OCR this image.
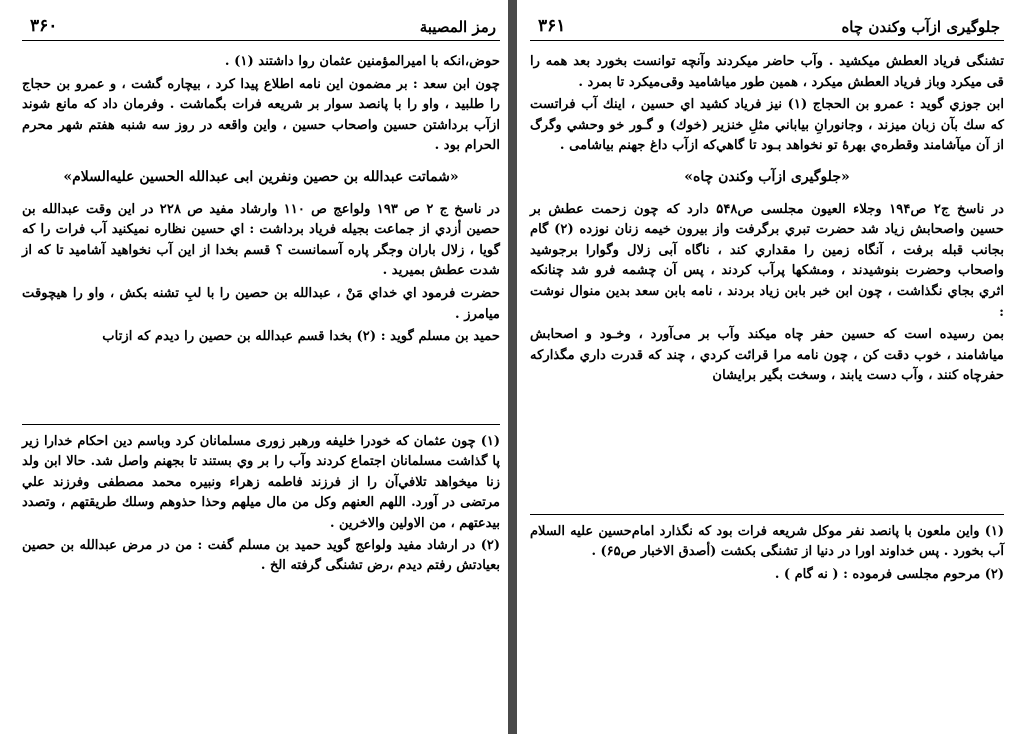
رمز المصيبة
۳۶۰

حوض،انكه با امیرالمؤمنین عثمان روا داشتند (۱) .

چون ابن سعد : بر مضمون این نامه اطلاع پیدا کرد ، بیچاره گشت ، و عمرو بن حجاج را طلبید ، واو را با پانصد سوار بر شریعه فرات بگماشت . وفرمان داد كه مانع شوند ازآب برداشتن حسین واصحاب حسین ، واین واقعه در روز سه شنبه هفتم شهر محرم الحرام بود .

«شماتت عبدالله بن حصین ونفرین ابی عبدالله الحسین علیه‌السلام»

در ناسخ ج ۲ ص ۱۹۳ ولواعج ص ۱۱۰ وارشاد مفید ص ۲۲۸ در این وقت عبدالله بن حصین أزدي از جماعت بجیله فریاد برداشت : اي حسین نظاره نمیكنید آب فرات را كه گويا ، زلال باران وجگر پاره آسمانست ؟ قسم بخدا از این آب نخواهید آشامید تا كه از شدت عطش بمیرید .

حضرت فرمود اي خداي مَنْ ، عبدالله بن حصین را با لبِ تشنه بكش ، واو را هیچوقت میامرز .

حمید بن مسلم گوید : (۲) بخدا قسم عبدالله بن حصین را دیدم كه ازتاب

(۱) چون عثمان كه خودرا خلیفه ورهبر زوری مسلمانان كرد وباسم دین احكام خدارا زیر پا گذاشت مسلمانان اجتماع كردند وآب را بر وي بستند تا بجهنم واصل شد. حالا ابن ولد زنا میخواهد تلافي‌آن را از فرزند فاطمه زهراء ونبیره محمد مصطفى وفرزند علي مرتضی در آورد. اللهم العنهم وكل من مال میلهم وحذا حذوهم وسلك طریقتهم ، وتصدد بیدعتهم ، من الاولین والاخرین .

(۲) در ارشاد مفید ولواعج گوید حمید بن مسلم گفت : من در مرض عبدالله بن حصین بعیادتش رفتم دیدم ،رض تشنگی گرفته الخ .

جلوگیری ازآب وكندن چاه
۳۶۱

تشنگی فریاد العطش میكشید . وآب حاضر میكردند وآنچه توانست بخورد بعد همه را قی میكرد وباز فریاد العطش میكرد ، همین طور میاشامید وقی‌میكرد تا بمرد .

ابن جوزي گوید : عمرو بن الحجاج (۱) نیز فریاد كشید اي حسین ، اینك آب فراتست كه سك بآن زبان میزند ، وجانورانِ بیاباني مثلِ خنزیر (خوك) و گـور خو وحشي وگرگ از آن میآشامند وقطره‌ي بهرهٔ تو نخواهد بـود تا گاهي‌كه ازآب داغ جهنم بیاشامی .

«جلوگیری ازآب وكندن چاه»

در ناسخ ج۲ ص۱۹۴ وجلاء العیون مجلسی ص۵۴۸ دارد كه چون زحمت عطش بر حسین واصحابش زیاد شد حضرت تبري برگرفت واز بیرون خیمه زنان نوزده (۲) گام بجانب قبله برفت ، آنگاه زمین را مقداري كند ، ناگاه آبی زلال وگوارا برجوشید واصحاب وحضرت بنوشیدند ، ومشكها پرآب كردند ، پس آن چشمه فرو شد چنانكه اثري بجاي نگذاشت ، چون ابن خبر بابن زیاد بردند ، نامه بابن سعد بدین منوال نوشت :

بمن رسیده است كه حسین حفر چاه میكند وآب بر می‌آورد ، وخـود و اصحابش میاشامند ، خوب دقت كن ، چون نامه مرا قرائت كردي ، چند كه قدرت داري مگذاركه حفرچاه كنند ، وآب دست یابند ، وسخت بگیر برایشان

(۱) واین ملعون با پانصد نفر موكل شریعه فرات بود كه نگذارد امام‌حسین علیه السلام آب بخورد . پس خداوند اورا در دنیا از تشنگی بكشت (أصدق الاخبار ص۶۵) .

(۲) مرحوم مجلسی فرموده : ( نه گام ) .
